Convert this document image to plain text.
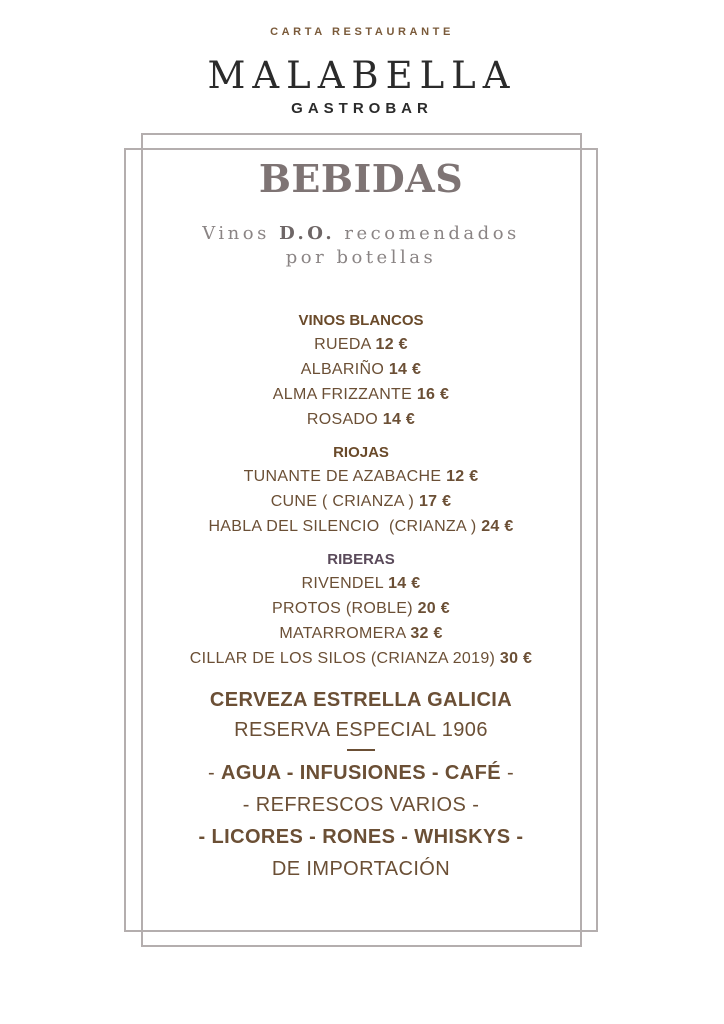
CARTA RESTAURANTE
MALABELLA
GASTROBAR
BEBIDAS
Vinos D.O. recomendados
por botellas
VINOS BLANCOS
RUEDA 12 €
ALBARIÑO 14 €
ALMA FRIZZANTE 16 €
ROSADO 14 €
RIOJAS
TUNANTE DE AZABACHE 12 €
CUNE ( CRIANZA ) 17 €
HABLA DEL SILENCIO  (CRIANZA ) 24 €
RIBERAS
RIVENDEL 14 €
PROTOS (ROBLE) 20 €
MATARROMERA 32 €
CILLAR DE LOS SILOS (CRIANZA 2019) 30 €
CERVEZA ESTRELLA GALICIA
RESERVA ESPECIAL 1906
- AGUA - INFUSIONES - CAFÉ -
- REFRESCOS VARIOS -
- LICORES - RONES - WHISKYS -
DE IMPORTACIÓN
